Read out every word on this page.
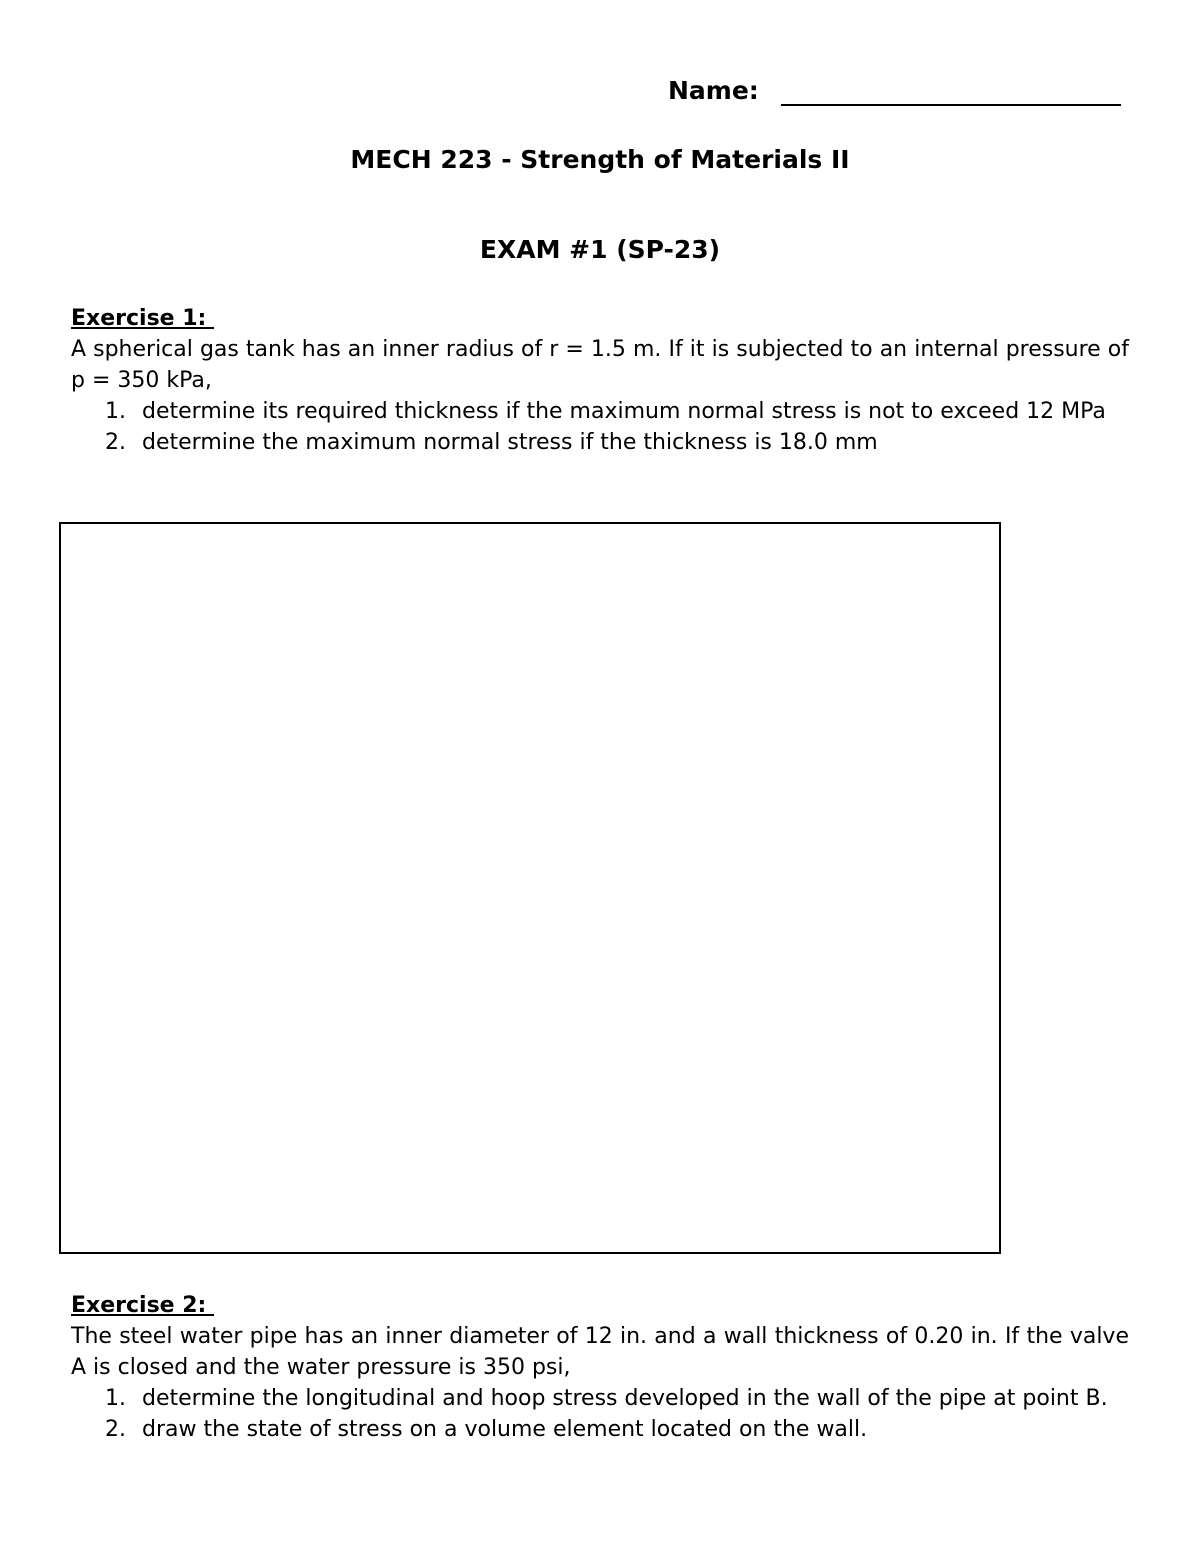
Name:
MECH 223 - Strength of Materials II
EXAM #1 (SP-23)
Exercise 1:
A spherical gas tank has an inner radius of r = 1.5 m. If it is subjected to an internal pressure of p = 350 kPa,
1. determine its required thickness if the maximum normal stress is not to exceed 12 MPa
2. determine the maximum normal stress if the thickness is 18.0 mm
Exercise 2:
The steel water pipe has an inner diameter of 12 in. and a wall thickness of 0.20 in. If the valve A is closed and the water pressure is 350 psi,
1. determine the longitudinal and hoop stress developed in the wall of the pipe at point B.
2. draw the state of stress on a volume element located on the wall.
